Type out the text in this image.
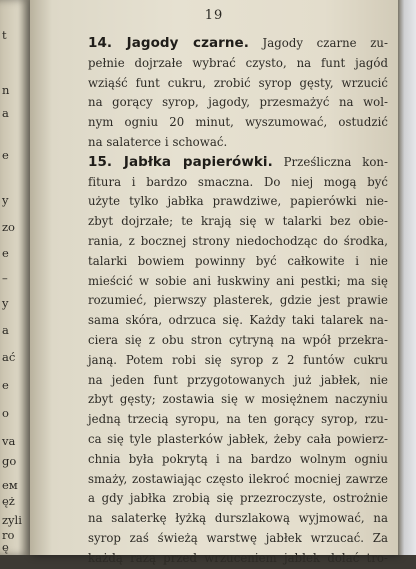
t
n
a
e
y
zo
e
–
y
a
ać
e
o
va
go
ем
ęż
zyli
ro
ę
19
14. Jagody czarne. Jagody czarne zu-
pełnie dojrzałe wybrać czysto, na funt jagód
wziąść funt cukru, zrobić syrop gęsty, wrzucić
na gorący syrop, jagody, przesmażyć na wol-
nym ogniu 20 minut, wyszumować, ostudzić
na salaterce i schować.
15. Jabłka papierówki. Prześliczna kon-
fitura i bardzo smaczna. Do niej mogą być
użyte tylko jabłka prawdziwe, papierówki nie-
zbyt dojrzałe; te krają się w talarki bez obie-
rania, z bocznej strony niedochodząc do środka,
talarki bowiem powinny być całkowite i nie
mieścić w sobie ani łuskwiny ani pestki; ma się
rozumieć, pierwszy plasterek, gdzie jest prawie
sama skóra, odrzuca się. Każdy taki talarek na-
ciera się z obu stron cytryną na wpół przekra-
janą. Potem robi się syrop z 2 funtów cukru
na jeden funt przygotowanych już jabłek, nie
zbyt gęsty; zostawia się w mosiężnem naczyniu
jedną trzecią syropu, na ten gorący syrop, rzu-
ca się tyle plasterków jabłek, żeby cała powierz-
chnia była pokrytą i na bardzo wolnym ogniu
smaży, zostawiając często ilekroć mocniej zawrze
a gdy jabłka zrobią się przezroczyste, ostrożnie
na salaterkę łyżką durszlakową wyjmować, na
syrop zaś świeżą warstwę jabłek wrzucać. Za
każdą razą przed wrzuceniem jabłek dolać tro-
